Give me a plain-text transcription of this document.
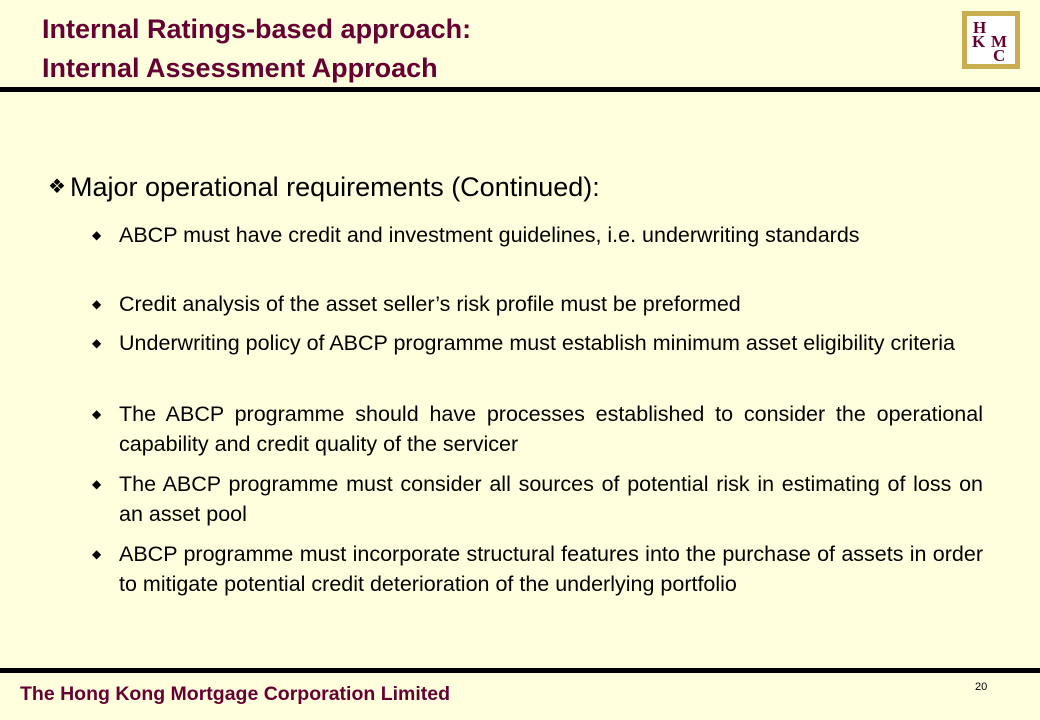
Internal Ratings-based approach:
Internal Assessment Approach
H
K M
C
❖ Major operational requirements (Continued):
◆ ABCP must have credit and investment guidelines, i.e. underwriting standards
◆ Credit analysis of the asset seller’s risk profile must be preformed
◆ Underwriting policy of ABCP programme must establish minimum asset eligibility criteria
◆ The ABCP programme should have processes established to consider the operational capability and credit quality of the servicer
◆ The ABCP programme must consider all sources of potential risk in estimating of loss on an asset pool
◆ ABCP programme must incorporate structural features into the purchase of assets in order to mitigate potential credit deterioration of the underlying portfolio
The Hong Kong Mortgage Corporation Limited	20
